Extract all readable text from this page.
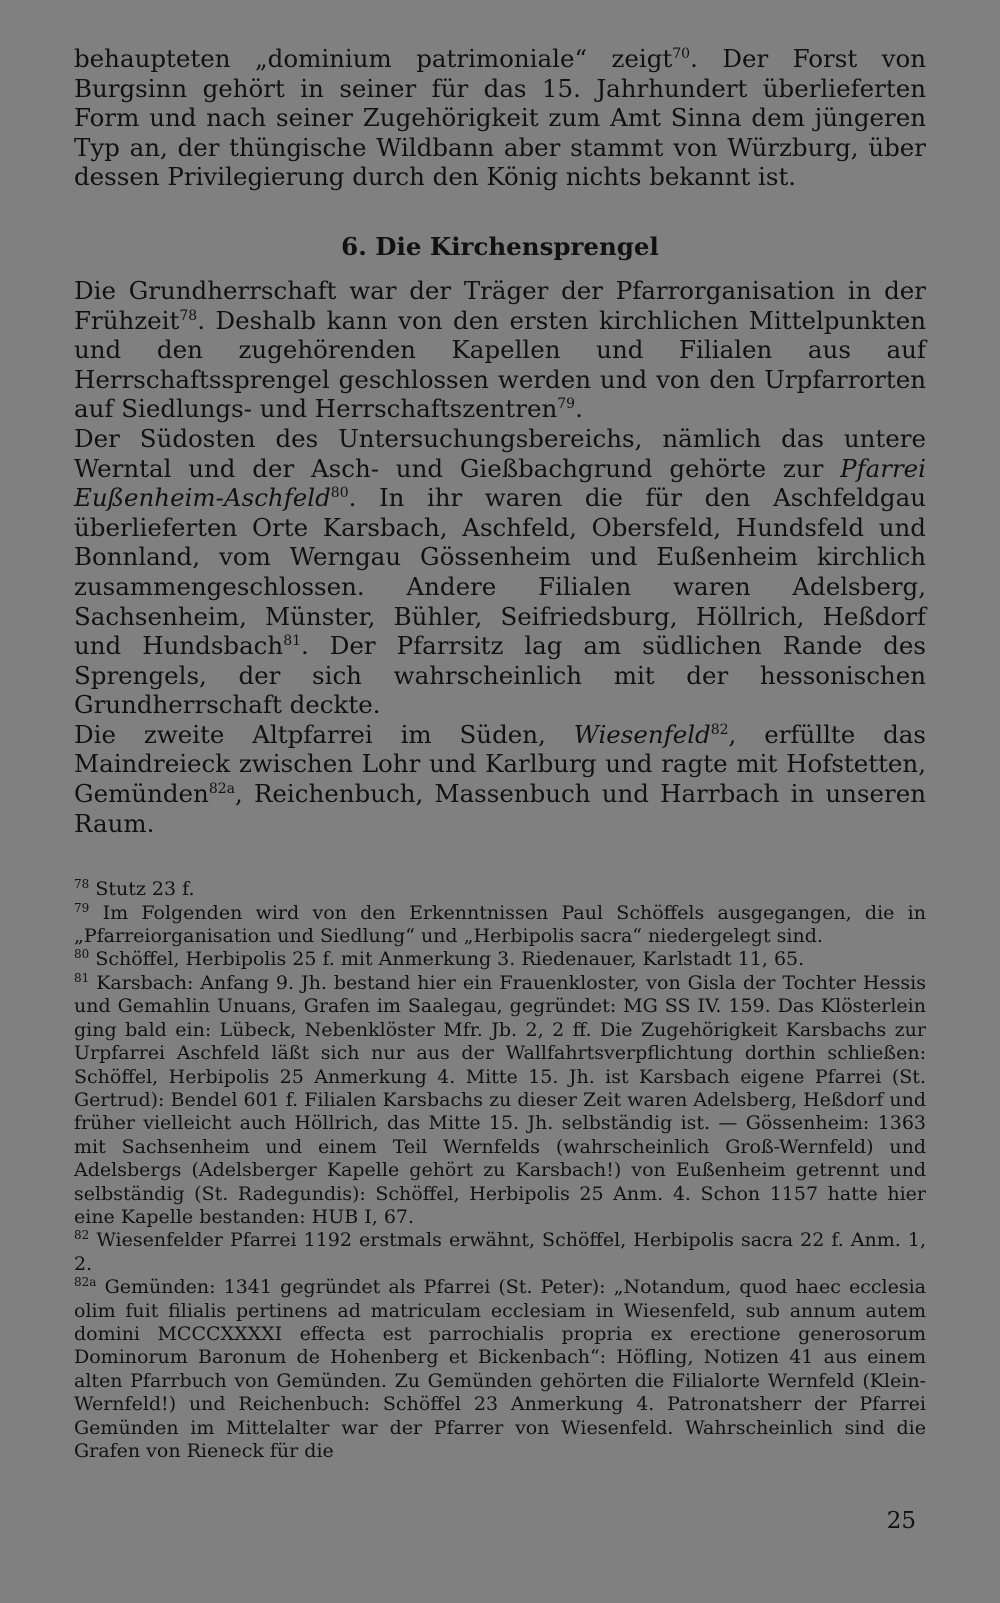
behaupteten „dominium patrimoniale“ zeigt$^{70}$. Der Forst von Burgsinn gehört in seiner für das 15. Jahrhundert überlieferten Form und nach seiner Zugehörigkeit zum Amt Sinna dem jüngeren Typ an, der thüngische Wildbann aber stammt von Würzburg, über dessen Privilegierung durch den König nichts bekannt ist.

6. Die Kirchensprengel

Die Grundherrschaft war der Träger der Pfarrorganisation in der Frühzeit$^{78}$. Deshalb kann von den ersten kirchlichen Mittelpunkten und den zugehörenden Kapellen und Filialen aus auf Herrschaftssprengel geschlossen werden und von den Urpfarrorten auf Siedlungs- und Herrschaftszentren$^{79}$.

Der Südosten des Untersuchungsbereichs, nämlich das untere Werntal und der Asch- und Gießbachgrund gehörte zur Pfarrei Eußenheim-Aschfeld$^{80}$. In ihr waren die für den Aschfeldgau überlieferten Orte Karsbach, Aschfeld, Obersfeld, Hundsfeld und Bonnland, vom Werngau Gössenheim und Eußenheim kirchlich zusammengeschlossen. Andere Filialen waren Adelsberg, Sachsenheim, Münster, Bühler, Seifriedsburg, Höllrich, Heßdorf und Hundsbach$^{81}$. Der Pfarrsitz lag am südlichen Rande des Sprengels, der sich wahrscheinlich mit der hessonischen Grundherrschaft deckte.

Die zweite Altpfarrei im Süden, Wiesenfeld$^{82}$, erfüllte das Maindreieck zwischen Lohr und Karlburg und ragte mit Hofstetten, Gemünden$^{82a}$, Reichenbuch, Massenbuch und Harrbach in unseren Raum.

$^{78}$ Stutz 23 f.

$^{79}$ Im Folgenden wird von den Erkenntnissen Paul Schöffels ausgegangen, die in „Pfarreiorganisation und Siedlung“ und „Herbipolis sacra“ niedergelegt sind.

$^{80}$ Schöffel, Herbipolis 25 f. mit Anmerkung 3. Riedenauer, Karlstadt 11, 65.

$^{81}$ Karsbach: Anfang 9. Jh. bestand hier ein Frauenkloster, von Gisla der Tochter Hessis und Gemahlin Unuans, Grafen im Saalegau, gegründet: MG SS IV. 159. Das Klösterlein ging bald ein: Lübeck, Nebenklöster Mfr. Jb. 2, 2 ff. Die Zugehörigkeit Karsbachs zur Urpfarrei Aschfeld läßt sich nur aus der Wallfahrtsverpflichtung dorthin schließen: Schöffel, Herbipolis 25 Anmerkung 4. Mitte 15. Jh. ist Karsbach eigene Pfarrei (St. Gertrud): Bendel 601 f. Filialen Karsbachs zu dieser Zeit waren Adelsberg, Heßdorf und früher vielleicht auch Höllrich, das Mitte 15. Jh. selbständig ist. — Gössenheim: 1363 mit Sachsenheim und einem Teil Wernfelds (wahrscheinlich Groß-Wernfeld) und Adelsbergs (Adelsberger Kapelle gehört zu Karsbach!) von Eußenheim getrennt und selbständig (St. Radegundis): Schöffel, Herbipolis 25 Anm. 4. Schon 1157 hatte hier eine Kapelle bestanden: HUB I, 67.

$^{82}$ Wiesenfelder Pfarrei 1192 erstmals erwähnt, Schöffel, Herbipolis sacra 22 f. Anm. 1, 2.

$^{82a}$ Gemünden: 1341 gegründet als Pfarrei (St. Peter): „Notandum, quod haec ecclesia olim fuit filialis pertinens ad matriculam ecclesiam in Wiesenfeld, sub annum autem domini MCCCXXXXI effecta est parrochialis propria ex erectione generosorum Dominorum Baronum de Hohenberg et Bickenbach“: Höfling, Notizen 41 aus einem alten Pfarrbuch von Gemünden. Zu Gemünden gehörten die Filialorte Wernfeld (Klein-Wernfeld!) und Reichenbuch: Schöffel 23 Anmerkung 4. Patronatsherr der Pfarrei Gemünden im Mittelalter war der Pfarrer von Wiesenfeld. Wahrscheinlich sind die Grafen von Rieneck für die

25
